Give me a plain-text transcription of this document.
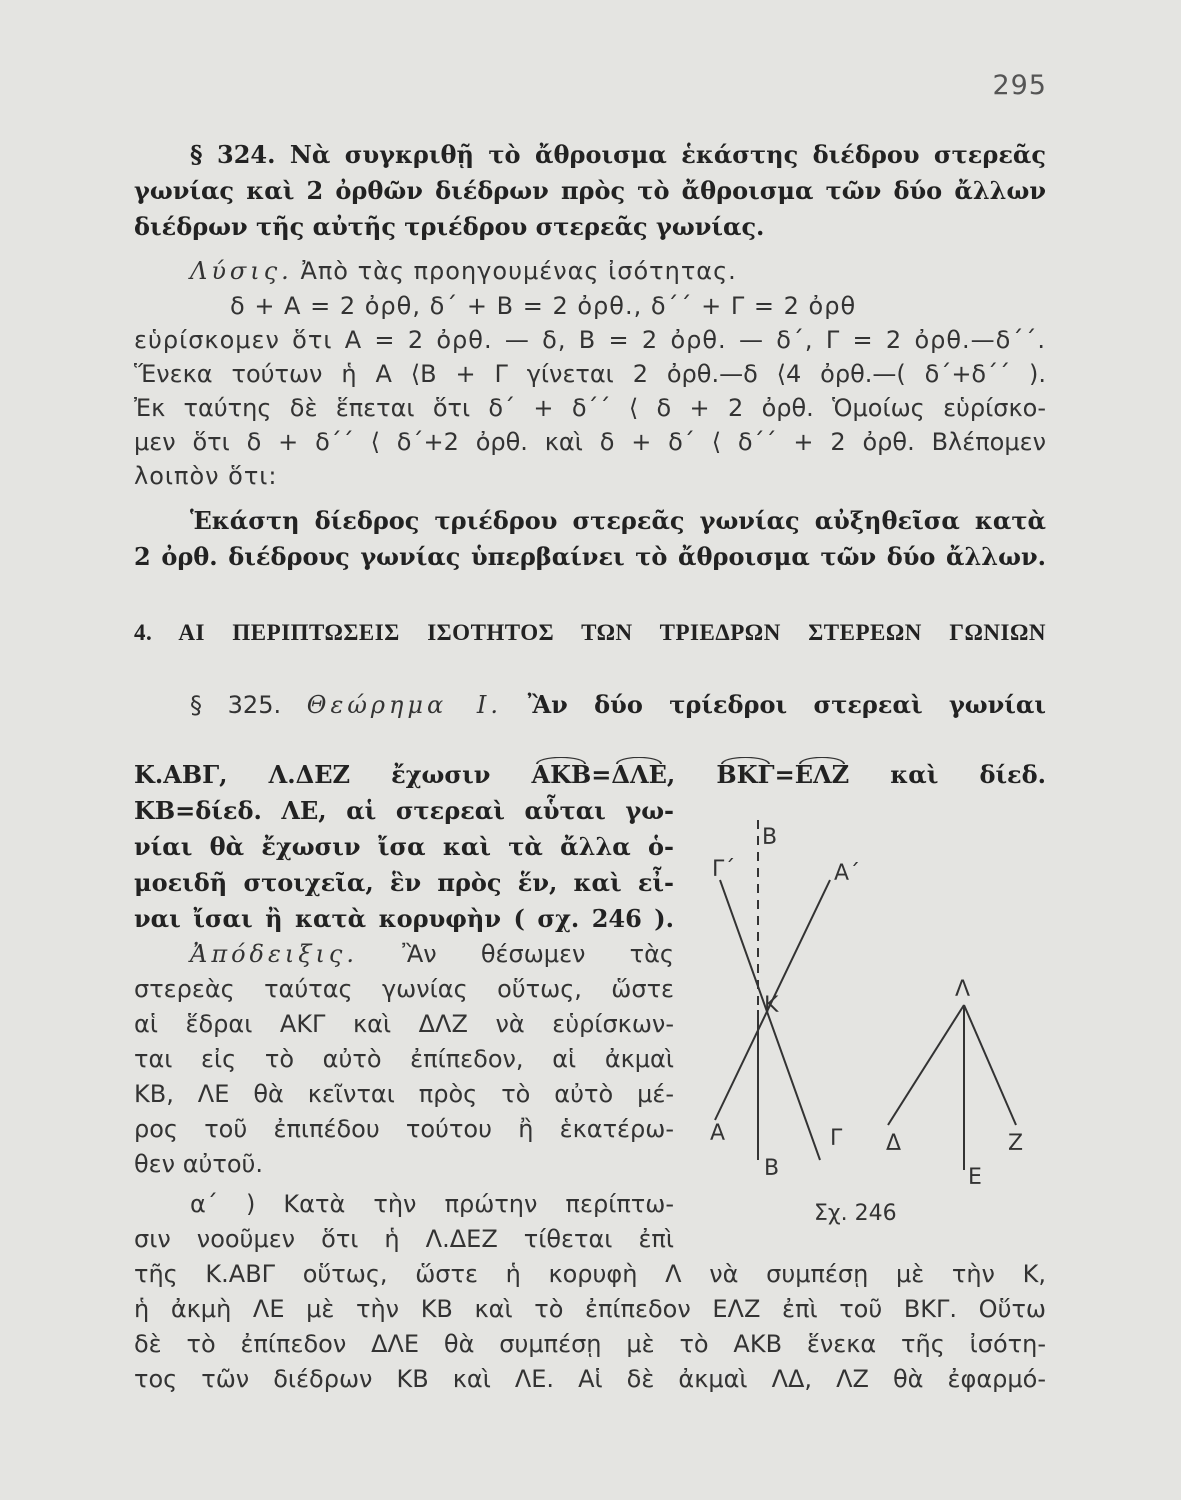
295
§ 324. Νὰ συγκριθῇ τὸ ἄθροισμα ἑκάστης διέδρου στερεᾶς
γωνίας καὶ 2 ὀρθῶν διέδρων πρὸς τὸ ἄθροισμα τῶν δύο ἄλλων
διέδρων τῆς αὐτῆς τριέδρου στερεᾶς γωνίας.
Λύσις. Ἀπὸ τὰς προηγουμένας ἰσότητας.
δ + Α = 2 ὀρθ, δ΄ + Β = 2 ὀρθ., δ΄΄ + Γ = 2 ὀρθ
εὑρίσκομεν ὅτι Α = 2 ὀρθ. — δ, Β = 2 ὀρθ. — δ΄, Γ = 2 ὀρθ.—δ΄΄.
Ἕνεκα τούτων ἡ Α ⟨Β + Γ γίνεται 2 ὀρθ.—δ ⟨4 ὀρθ.—( δ΄+δ΄΄ ).
Ἐκ ταύτης δὲ ἕπεται ὅτι δ΄ + δ΄΄ ⟨ δ + 2 ὀρθ. Ὁμοίως εὑρίσκο-
μεν ὅτι δ + δ΄΄ ⟨ δ΄+2 ὀρθ. καὶ δ + δ΄ ⟨ δ΄΄ + 2 ὀρθ. Βλέπομεν
λοιπὸν ὅτι:
Ἑκάστη δίεδρος τριέδρου στερεᾶς γωνίας αὐξηθεῖσα κατὰ
2 ὀρθ. διέδρους γωνίας ὑπερβαίνει τὸ ἄθροισμα τῶν δύο ἄλλων.
4. ΑΙ ΠΕΡΙΠΤΩΣΕΙΣ ΙΣΟΤΗΤΟΣ ΤΩΝ ΤΡΙΕΔΡΩΝ ΣΤΕΡΕΩΝ ΓΩΝΙΩΝ
§ 325. Θεώρημα Ι. Ἂν δύο τρίεδροι στερεαὶ γωνίαι
Κ.ΑΒΓ, Λ.ΔΕΖ ἔχωσιν ΑΚΒ=ΔΛΕ, ΒΚΓ=ΕΛΖ καὶ δίεδ.
ΚΒ=δίεδ. ΛΕ, αἱ στερεαὶ αὗται γω-
νίαι θὰ ἔχωσιν ἴσα καὶ τὰ ἄλλα ὁ-
μοειδῆ στοιχεῖα, ἓν πρὸς ἕν, καὶ εἶ-
ναι ἴσαι ἢ κατὰ κορυφὴν ( σχ. 246 ).
Ἀπόδειξις. Ἂν θέσωμεν τὰς
στερεὰς ταύτας γωνίας οὕτως, ὥστε
αἱ ἕδραι ΑΚΓ καὶ ΔΛΖ νὰ εὑρίσκων-
ται εἰς τὸ αὐτὸ ἐπίπεδον, αἱ ἀκμαὶ
ΚΒ, ΛΕ θὰ κεῖνται πρὸς τὸ αὐτὸ μέ-
ρος τοῦ ἐπιπέδου τούτου ἢ ἑκατέρω-
θεν αὐτοῦ.
α΄ ) Κατὰ τὴν πρώτην περίπτω-
σιν νοοῦμεν ὅτι ἡ Λ.ΔΕΖ τίθεται ἐπὶ
τῆς Κ.ΑΒΓ οὕτως, ὥστε ἡ κορυφὴ Λ νὰ συμπέσῃ μὲ τὴν Κ,
ἡ ἀκμὴ ΛΕ μὲ τὴν ΚΒ καὶ τὸ ἐπίπεδον ΕΛΖ ἐπὶ τοῦ ΒΚΓ. Οὕτω
δὲ τὸ ἐπίπεδον ΔΛΕ θὰ συμπέσῃ μὲ τὸ ΑΚΒ ἕνεκα τῆς ἰσότη-
τος τῶν διέδρων ΚΒ καὶ ΛΕ. Αἱ δὲ ἀκμαὶ ΛΔ, ΛΖ θὰ ἐφαρμό-
Β
Γ΄	Α΄
Κ
Α	Γ
Β
Λ
Δ	Ζ
Ε
Σχ. 246
